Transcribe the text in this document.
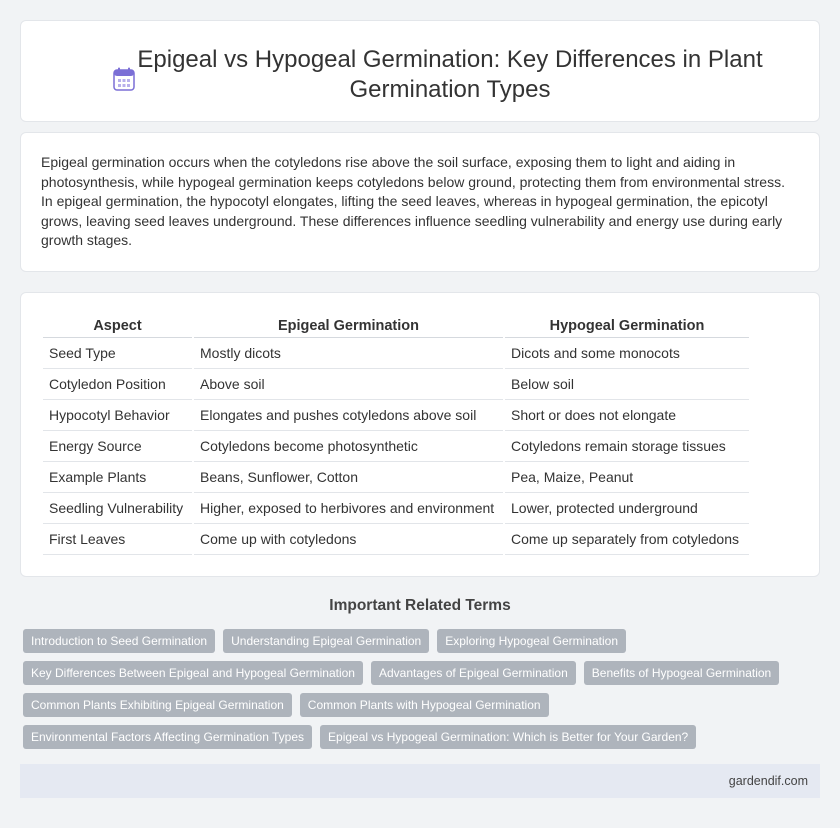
Epigeal vs Hypogeal Germination: Key Differences in Plant Germination Types

Epigeal germination occurs when the cotyledons rise above the soil surface, exposing them to light and aiding in photosynthesis, while hypogeal germination keeps cotyledons below ground, protecting them from environmental stress. In epigeal germination, the hypocotyl elongates, lifting the seed leaves, whereas in hypogeal germination, the epicotyl grows, leaving seed leaves underground. These differences influence seedling vulnerability and energy use during early growth stages.

Aspect	Epigeal Germination	Hypogeal Germination
Seed Type	Mostly dicots	Dicots and some monocots
Cotyledon Position	Above soil	Below soil
Hypocotyl Behavior	Elongates and pushes cotyledons above soil	Short or does not elongate
Energy Source	Cotyledons become photosynthetic	Cotyledons remain storage tissues
Example Plants	Beans, Sunflower, Cotton	Pea, Maize, Peanut
Seedling Vulnerability	Higher, exposed to herbivores and environment	Lower, protected underground
First Leaves	Come up with cotyledons	Come up separately from cotyledons
Important Related Terms
Introduction to Seed Germination	Understanding Epigeal Germination	Exploring Hypogeal Germination
Key Differences Between Epigeal and Hypogeal Germination	Advantages of Epigeal Germination	Benefits of Hypogeal Germination
Common Plants Exhibiting Epigeal Germination	Common Plants with Hypogeal Germination
Environmental Factors Affecting Germination Types	Epigeal vs Hypogeal Germination: Which is Better for Your Garden?
gardendif.com
